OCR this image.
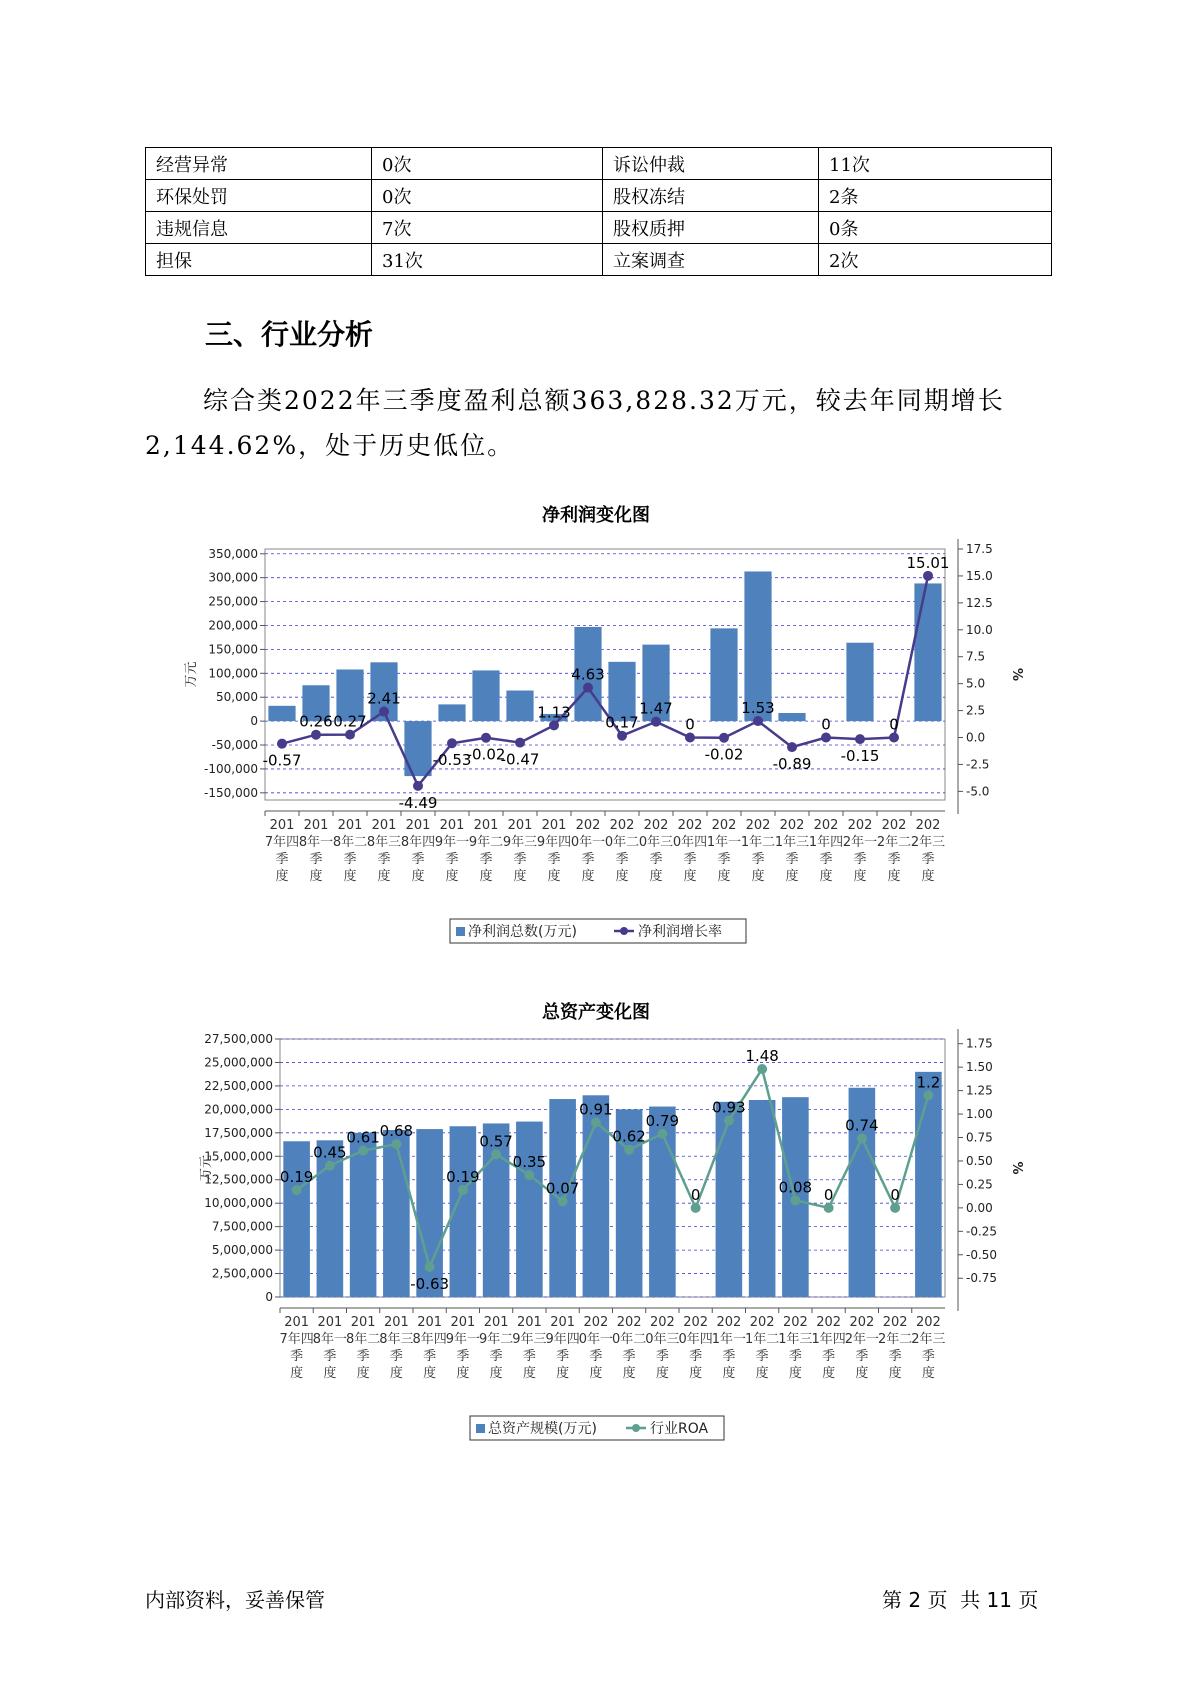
经营异常	0次	诉讼仲裁	11次
环保处罚	0次	股权冻结	2条
违规信息	7次	股权质押	0条
担保	31次	立案调查	2次
三、行业分析
综合类2022年三季度盈利总额363,828.32万元，较去年同期增长2,144.62%，处于历史低位。
净利润变化图
-150,000
-100,000
-50,000
0
50,000
100,000
150,000
200,000
250,000
300,000
350,000
-5.0
-2.5
0.0
2.5
5.0
7.5
10.0
12.5
15.0
17.5
万元	%
201 7年四季度
201 8年一季度
201 8年二季度
201 8年三季度
201 8年四季度
201 9年一季度
201 9年二季度
201 9年三季度
201 9年四季度
202 0年一季度
202 0年二季度
202 0年三季度
202 0年四季度
202 1年一季度
202 1年二季度
202 1年三季度
202 1年四季度
202 2年一季度
202 2年二季度
202 2年三季度
-0.57
0.26 0.27
2.41
-4.49
-0.53
-0.02
-0.47
1.13
4.63
0.17
1.47
0
-0.02
1.53
-0.89
0
-0.15
0
15.01
净利润总数(万元)	净利润增长率
总资产变化图
0
2,500,000
5,000,000
7,500,000
10,000,000
12,500,000
15,000,000
17,500,000
20,000,000
22,500,000
25,000,000
27,500,000
-0.75
-0.50
-0.25
0.00
0.25
0.50
0.75
1.00
1.25
1.50
1.75
万元	%
201 7年四季度
201 8年一季度
201 8年二季度
201 8年三季度
201 8年四季度
201 9年一季度
201 9年二季度
201 9年三季度
201 9年四季度
202 0年一季度
202 0年二季度
202 0年三季度
202 0年四季度
202 1年一季度
202 1年二季度
202 1年三季度
202 1年四季度
202 2年一季度
202 2年二季度
202 2年三季度
0.19
0.45
0.61 0.68
-0.63
0.19
0.57
0.35
0.07
0.91
0.62
0.79
0
0.93
1.48
0.08 0
0.74
0
1.2
总资产规模(万元)	行业ROA
内部资料，妥善保管	第 2 页  共 11 页
